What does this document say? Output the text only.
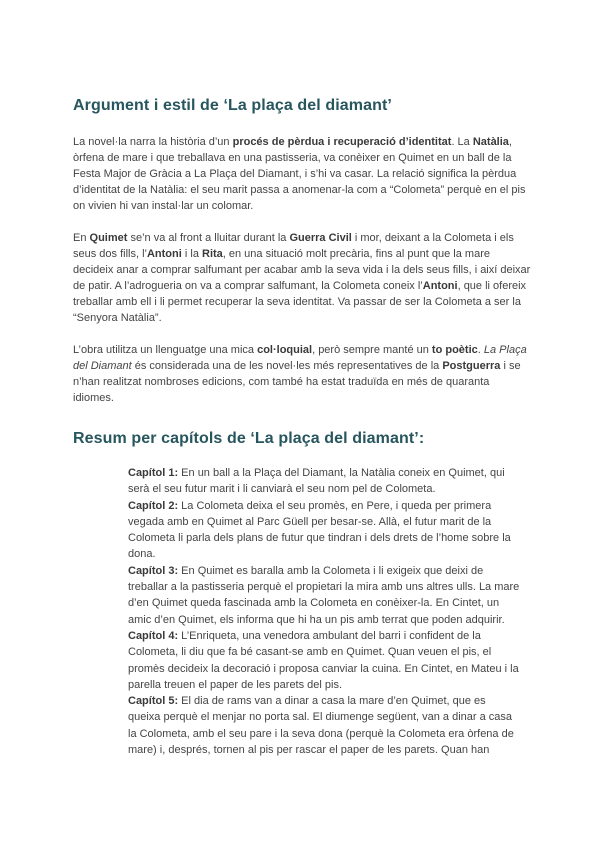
Argument i estil de ‘La plaça del diamant’

La novel·la narra la història d’un procés de pèrdua i recuperació d’identitat. La Natàlia, òrfena de mare i que treballava en una pastisseria, va conèixer en Quimet en un ball de la Festa Major de Gràcia a La Plaça del Diamant, i s’hi va casar. La relació significa la pèrdua d’identitat de la Natàlia: el seu marit passa a anomenar-la com a “Colometa” perquè en el pis on vivien hi van instal·lar un colomar.

En Quimet se’n va al front a lluitar durant la Guerra Civil i mor, deixant a la Colometa i els seus dos fills, l’Antoni i la Rita, en una situació molt precària, fins al punt que la mare decideix anar a comprar salfumant per acabar amb la seva vida i la dels seus fills, i així deixar de patir. A l’adrogueria on va a comprar salfumant, la Colometa coneix l’Antoni, que li ofereix treballar amb ell i li permet recuperar la seva identitat. Va passar de ser la Colometa a ser la “Senyora Natàlia”.

L’obra utilitza un llenguatge una mica col·loquial, però sempre manté un to poètic. La Plaça del Diamant és considerada una de les novel·les més representatives de la Postguerra i se n’han realitzat nombroses edicions, com també ha estat traduïda en més de quaranta idiomes.

Resum per capítols de ‘La plaça del diamant’:
Capítol 1: En un ball a la Plaça del Diamant, la Natàlia coneix en Quimet, qui serà el seu futur marit i li canviarà el seu nom pel de Colometa.
Capítol 2: La Colometa deixa el seu promès, en Pere, i queda per primera vegada amb en Quimet al Parc Güell per besar-se. Allà, el futur marit de la Colometa li parla dels plans de futur que tindran i dels drets de l’home sobre la dona.
Capítol 3: En Quimet es baralla amb la Colometa i li exigeix que deixi de treballar a la pastisseria perquè el propietari la mira amb uns altres ulls. La mare d’en Quimet queda fascinada amb la Colometa en conèixer-la. En Cintet, un amic d’en Quimet, els informa que hi ha un pis amb terrat que poden adquirir.
Capítol 4: L’Enriqueta, una venedora ambulant del barri i confident de la Colometa, li diu que fa bé casant-se amb en Quimet. Quan veuen el pis, el promès decideix la decoració i proposa canviar la cuina. En Cintet, en Mateu i la parella treuen el paper de les parets del pis.
Capítol 5: El dia de rams van a dinar a casa la mare d’en Quimet, que es queixa perquè el menjar no porta sal. El diumenge següent, van a dinar a casa la Colometa, amb el seu pare i la seva dona (perquè la Colometa era òrfena de mare) i, després, tornen al pis per rascar el paper de les parets. Quan han
